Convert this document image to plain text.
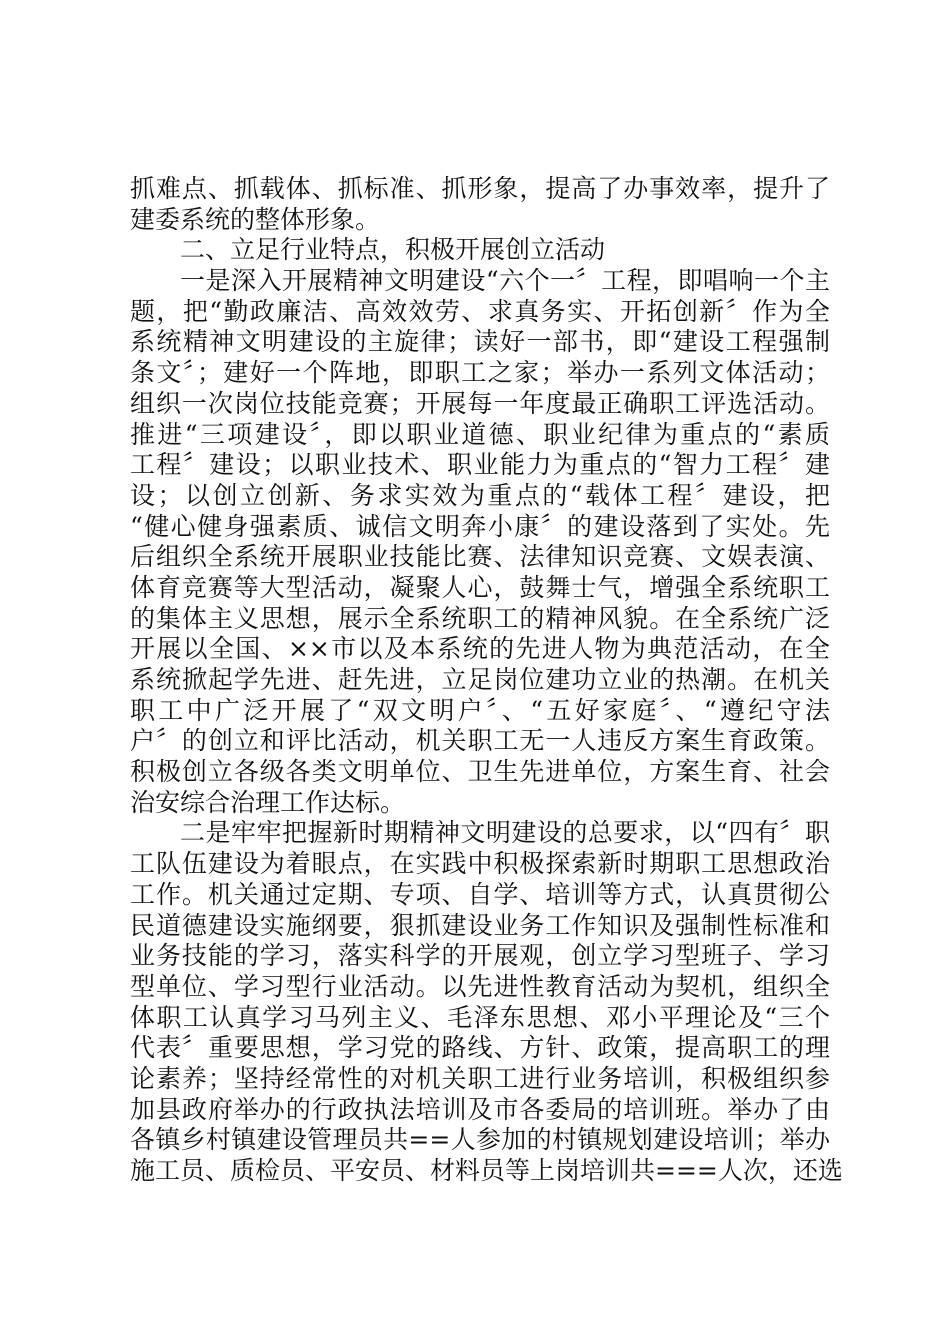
抓难点、抓载体、抓标准、抓形象，提高了办事效率，提升了
建委系统的整体形象。
二、立足行业特点，积极开展创立活动
一是深入开展精神文明建设“六个一〞工程，即唱响一个主
题，把“勤政廉洁、高效效劳、求真务实、开拓创新〞作为全
系统精神文明建设的主旋律；读好一部书，即“建设工程强制
条文〞；建好一个阵地，即职工之家；举办一系列文体活动；
组织一次岗位技能竞赛；开展每一年度最正确职工评选活动。
推进“三项建设〞，即以职业道德、职业纪律为重点的“素质
工程〞建设；以职业技术、职业能力为重点的“智力工程〞建
设；以创立创新、务求实效为重点的“载体工程〞建设，把
“健心健身强素质、诚信文明奔小康〞的建设落到了实处。先
后组织全系统开展职业技能比赛、法律知识竞赛、文娱表演、
体育竞赛等大型活动，凝聚人心，鼓舞士气，增强全系统职工
的集体主义思想，展示全系统职工的精神风貌。在全系统广泛
开展以全国、××市以及本系统的先进人物为典范活动，在全
系统掀起学先进、赶先进，立足岗位建功立业的热潮。在机关
职工中广泛开展了“双文明户〞、“五好家庭〞、“遵纪守法
户〞的创立和评比活动，机关职工无一人违反方案生育政策。
积极创立各级各类文明单位、卫生先进单位，方案生育、社会
治安综合治理工作达标。
二是牢牢把握新时期精神文明建设的总要求，以“四有〞职
工队伍建设为着眼点，在实践中积极探索新时期职工思想政治
工作。机关通过定期、专项、自学、培训等方式，认真贯彻公
民道德建设实施纲要，狠抓建设业务工作知识及强制性标准和
业务技能的学习，落实科学的开展观，创立学习型班子、学习
型单位、学习型行业活动。以先进性教育活动为契机，组织全
体职工认真学习马列主义、毛泽东思想、邓小平理论及“三个
代表〞重要思想，学习党的路线、方针、政策，提高职工的理
论素养；坚持经常性的对机关职工进行业务培训，积极组织参
加县政府举办的行政执法培训及市各委局的培训班。举办了由
各镇乡村镇建设管理员共==人参加的村镇规划建设培训；举办
施工员、质检员、平安员、材料员等上岗培训共===人次，还选
